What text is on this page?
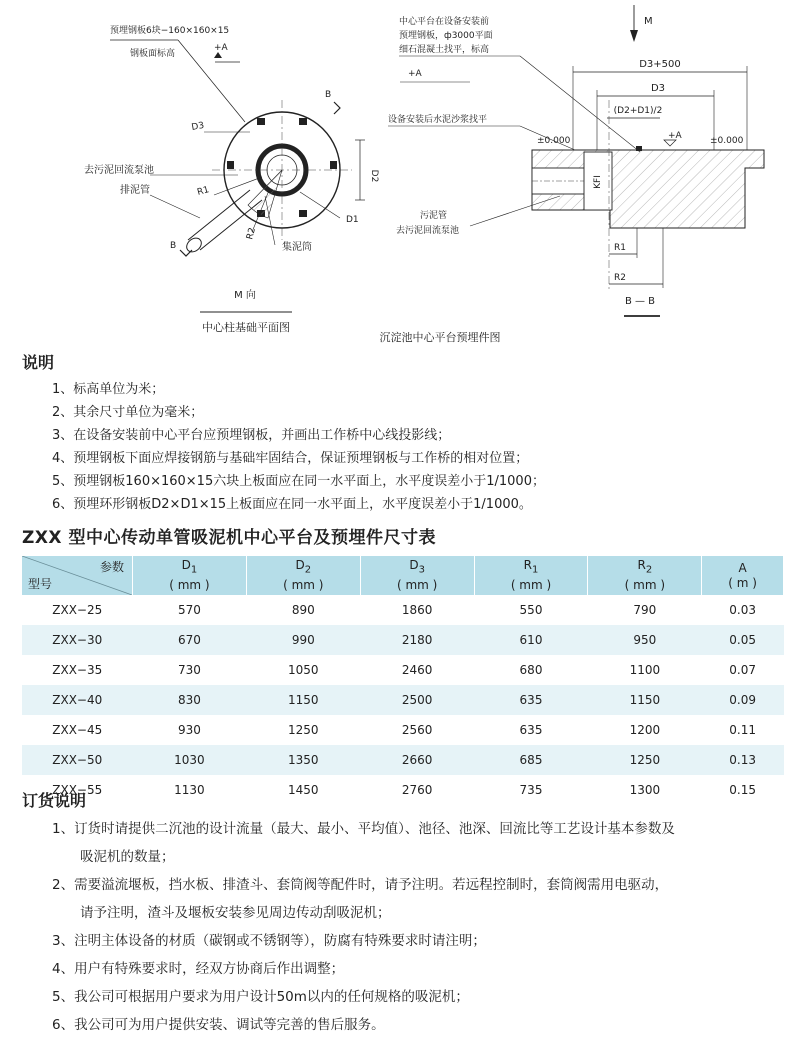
预埋钢板6块−160×160×15
钢板面标高
+A
B
B
D3
D2
D1
R1
R2
去污泥回流泵池
排泥管
集泥筒
M 向
中心柱基础平面图
M
中心平台在设备安装前
预埋钢板，ф3000平面
细石混凝土找平，标高
+A
D3+500
D3
(D2+D1)/2
设备安装后水泥沙浆找平
±0.000	±0.000
+A
KFI
R1
R2
污泥管
去污泥回流泵池
B — B
沉淀池中心平台预埋件图
说明
1、标高单位为米；
2、其余尺寸单位为毫米；
3、在设备安装前中心平台应预埋钢板，并画出工作桥中心线投影线；
4、预埋钢板下面应焊接钢筋与基础牢固结合，保证预埋钢板与工作桥的相对位置；
5、预埋钢板160×160×15六块上板面应在同一水平面上，水平度误差小于1/1000；
6、预埋环形钢板D2×D1×15上板面应在同一水平面上，水平度误差小于1/1000。
ZXX 型中心传动单管吸泥机中心平台及预埋件尺寸表
参数
型号	$D_1$
( mm )	$D_2$
( mm )	$D_3$
( mm )	$R_1$
( mm )	$R_2$
( mm )	A
( m )
ZXX−25	570	890	1860	550	790	0.03
ZXX−30	670	990	2180	610	950	0.05
ZXX−35	730	1050	2460	680	1100	0.07
ZXX−40	830	1150	2500	635	1150	0.09
ZXX−45	930	1250	2560	635	1200	0.11
ZXX−50	1030	1350	2660	685	1250	0.13
ZXX−55	1130	1450	2760	735	1300	0.15
订货说明
1、订货时请提供二沉池的设计流量（最大、最小、平均值）、池径、池深、回流比等工艺设计基本参数及
吸泥机的数量；
2、需要溢流堰板，挡水板、排渣斗、套筒阀等配件时，请予注明。若远程控制时，套筒阀需用电驱动，
请予注明，渣斗及堰板安装参见周边传动刮吸泥机；
3、注明主体设备的材质（碳钢或不锈钢等），防腐有特殊要求时请注明；
4、用户有特殊要求时，经双方协商后作出调整；
5、我公司可根据用户要求为用户设计50m以内的任何规格的吸泥机；
6、我公司可为用户提供安装、调试等完善的售后服务。
